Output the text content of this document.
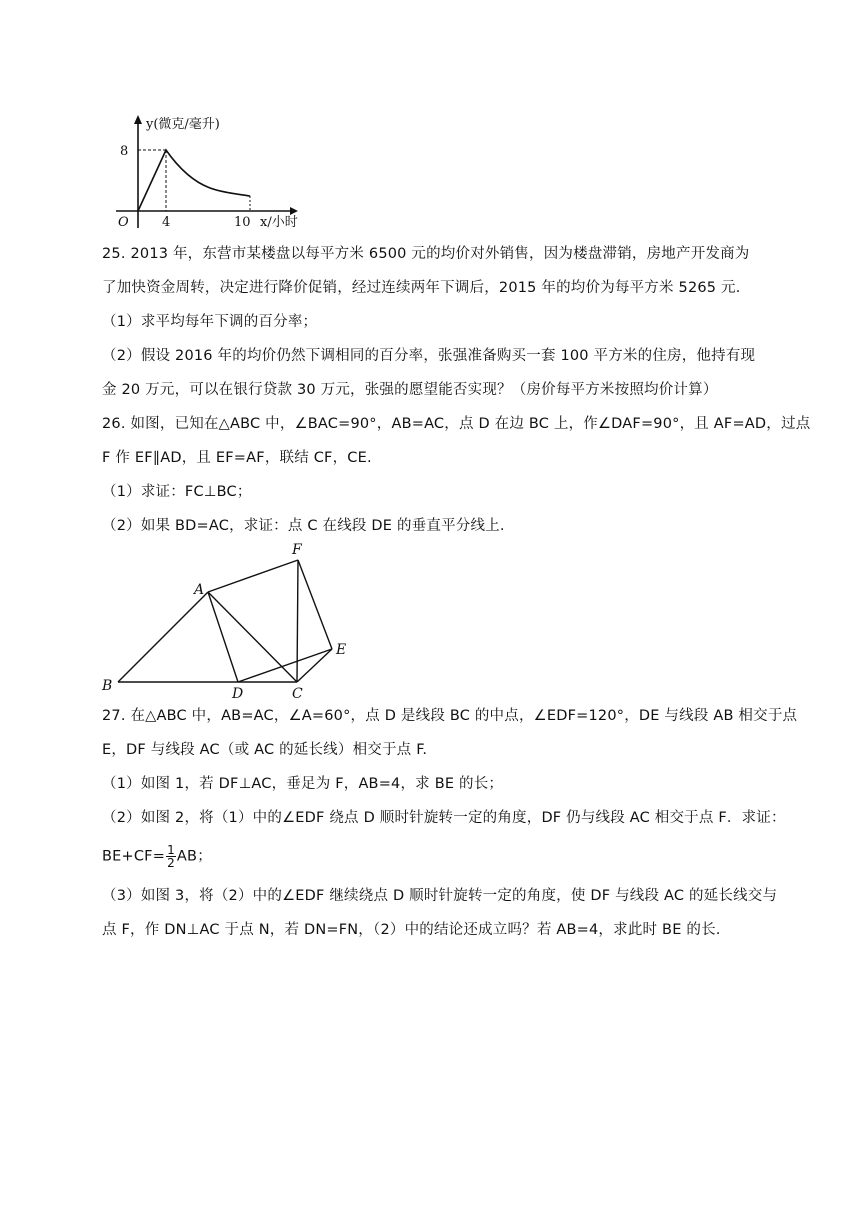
y(微克/毫升)
8
O	4	10 x/小时
25. 2013 年，东营市某楼盘以每平方米 6500 元的均价对外销售，因为楼盘滞销，房地产开发商为
了加快资金周转，决定进行降价促销，经过连续两年下调后，2015 年的均价为每平方米 5265 元.
（1）求平均每年下调的百分率；
（2）假设 2016 年的均价仍然下调相同的百分率，张强准备购买一套 100 平方米的住房，他持有现
金 20 万元，可以在银行贷款 30 万元，张强的愿望能否实现？（房价每平方米按照均价计算）
26. 如图，已知在△ABC 中，∠BAC=90°，AB=AC，点 D 在边 BC 上，作∠DAF=90°，且 AF=AD，过点
F 作 EF∥AD，且 EF=AF，联结 CF，CE.
（1）求证：FC⊥BC；
（2）如果 BD=AC，求证：点 C 在线段 DE 的垂直平分线上.
A
B	C
D
E
F
27. 在△ABC 中，AB=AC，∠A=60°，点 D 是线段 BC 的中点，∠EDF=120°，DE 与线段 AB 相交于点
E，DF 与线段 AC（或 AC 的延长线）相交于点 F.
（1）如图 1，若 DF⊥AC，垂足为 F，AB=4，求 BE 的长；
（2）如图 2，将（1）中的∠EDF 绕点 D 顺时针旋转一定的角度，DF 仍与线段 AC 相交于点 F．求证：
$BE+CF= \frac{1}{2}$ AB；
（3）如图 3，将（2）中的∠EDF 继续绕点 D 顺时针旋转一定的角度，使 DF 与线段 AC 的延长线交与
点 F，作 DN⊥AC 于点 N，若 DN=FN，（2）中的结论还成立吗？若 AB=4，求此时 BE 的长.
